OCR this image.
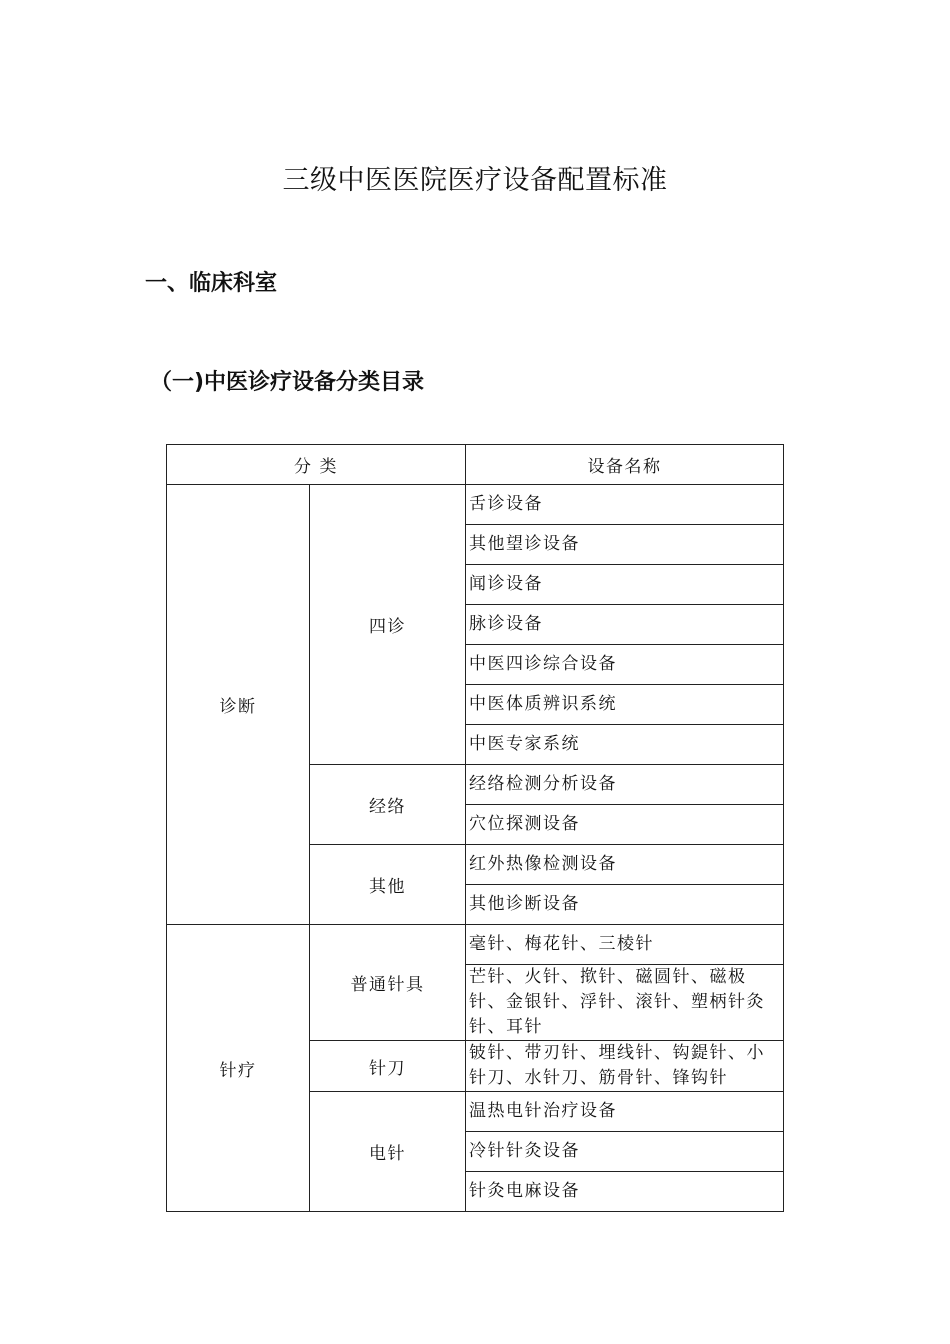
三级中医医院医疗设备配置标准
一、临床科室
（一)中医诊疗设备分类目录
分 类		设备名称
诊断	四诊	舌诊设备
		其他望诊设备
		闻诊设备
		脉诊设备
		中医四诊综合设备
		中医体质辨识系统
		中医专家系统
	经络	经络检测分析设备
		穴位探测设备
	其他	红外热像检测设备
		其他诊断设备
针疗	普通针具	毫针、梅花针、三棱针
		芒针、火针、揿针、磁圆针、磁极针、金银针、浮针、滚针、塑柄针灸针、耳针
	针刀	铍针、带刃针、埋线针、钩鍉针、小针刀、水针刀、筋骨针、锋钩针
	电针	温热电针治疗设备
		冷针针灸设备
		针灸电麻设备
